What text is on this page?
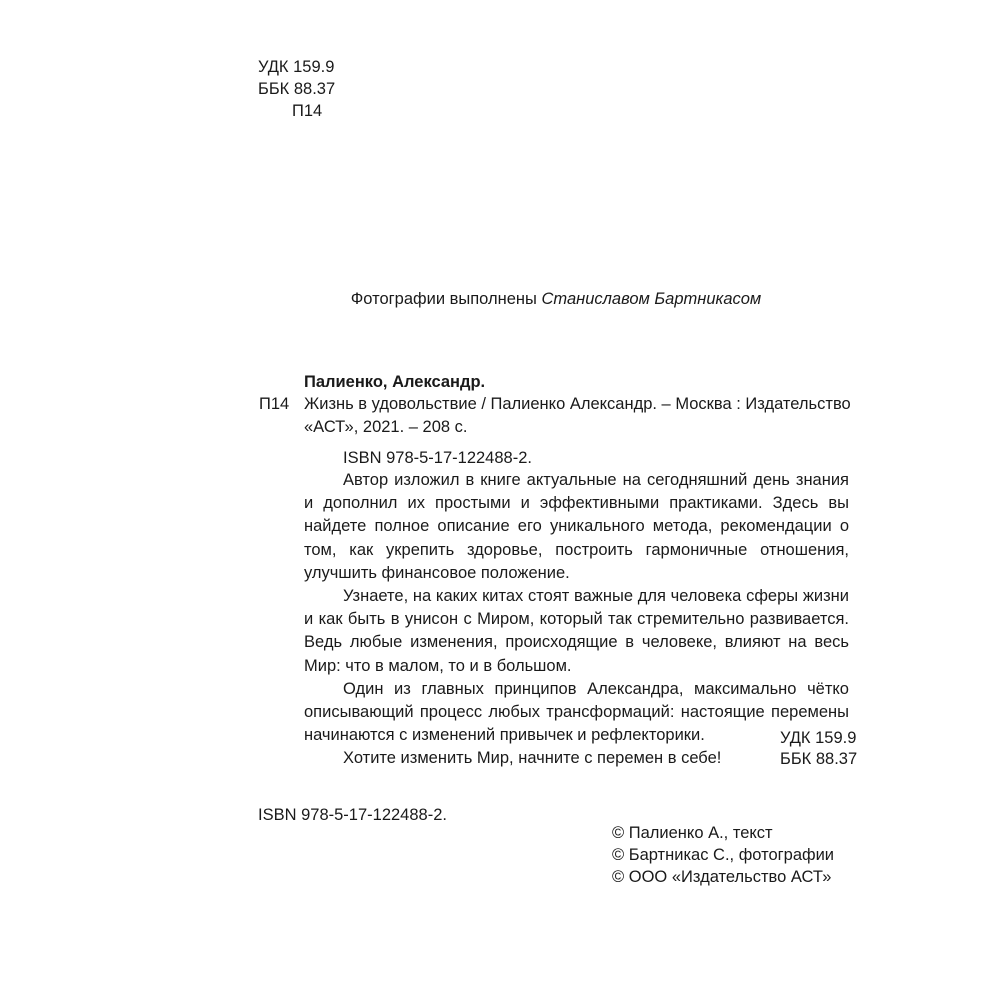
УДК 159.9
ББК 88.37
П14
Фотографии выполнены Станиславом Бартникасом
Палиенко, Александр.
П14 Жизнь в удовольствие / Палиенко Александр. – Москва : Издательство
«АСТ», 2021. – 208 с.
ISBN 978-5-17-122488-2.

Автор изложил в книге актуальные на сегодняшний день знания и дополнил их простыми и эффективными практиками. Здесь вы найдете полное описание его уникального метода, рекомендации о том, как укрепить здоровье, построить гармоничные отношения, улучшить финансовое положение.

Узнаете, на каких китах стоят важные для человека сферы жизни и как быть в унисон с Миром, который так стремительно развивается. Ведь любые изменения, происходящие в человеке, влияют на весь Мир: что в малом, то и в большом.

Один из главных принципов Александра, максимально чётко описывающий процесс любых трансформаций: настоящие перемены начинаются с изменений привычек и рефлекторики.

Хотите изменить Мир, начните с перемен в себе!

УДК 159.9
ББК 88.37
ISBN 978-5-17-122488-2.
© Палиенко А., текст
© Бартникас С., фотографии
© ООО «Издательство АСТ»
